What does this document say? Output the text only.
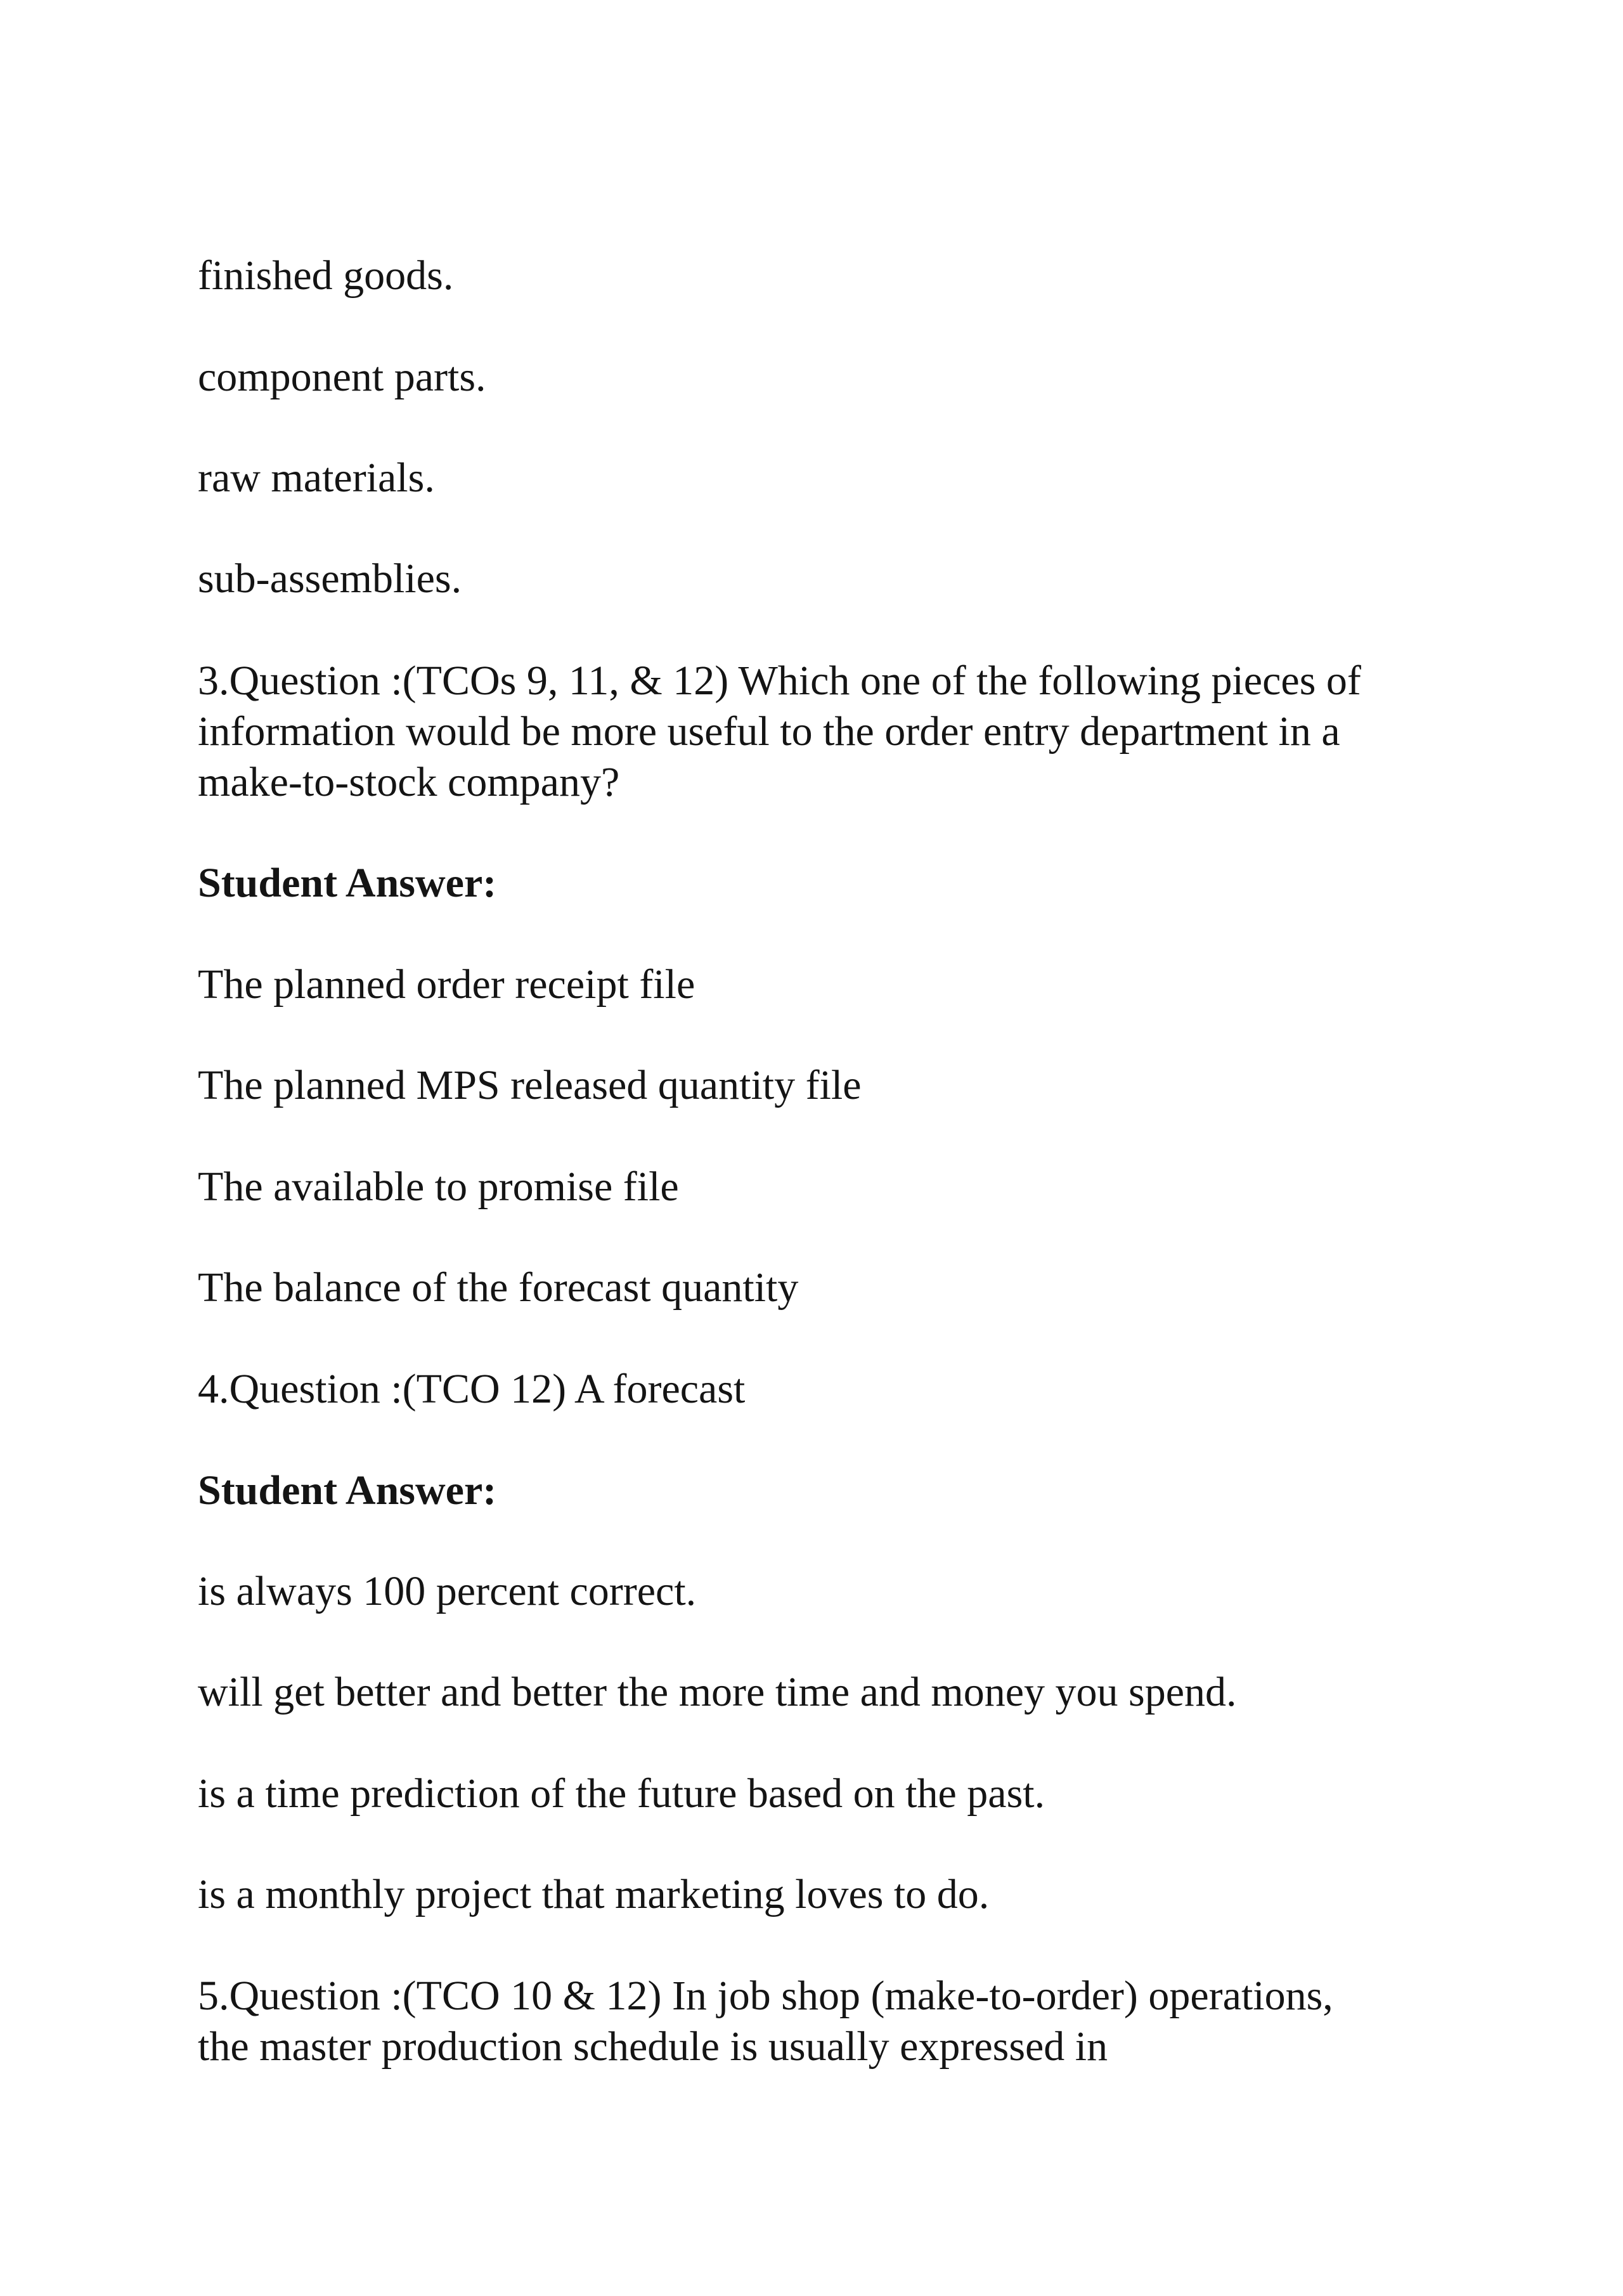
finished goods.

component parts.

raw materials.

sub-assemblies.

3.Question :(TCOs 9, 11, & 12) Which one of the following pieces of

information would be more useful to the order entry department in a

make-to-stock company?

Student Answer:

The planned order receipt file

The planned MPS released quantity file

The available to promise file

The balance of the forecast quantity

4.Question :(TCO 12) A forecast

Student Answer:

is always 100 percent correct.

will get better and better the more time and money you spend.

is a time prediction of the future based on the past.

is a monthly project that marketing loves to do.

5.Question :(TCO 10 & 12) In job shop (make-to-order) operations,

the master production schedule is usually expressed in
